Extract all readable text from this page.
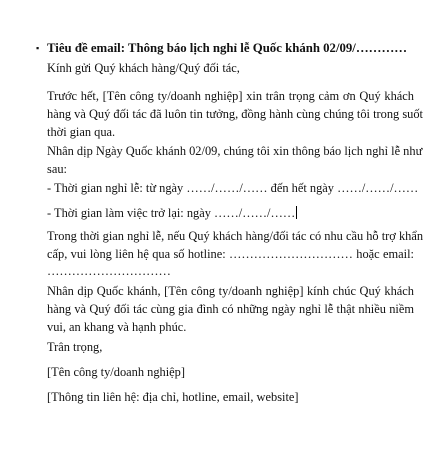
▪ Tiêu đề email: Thông báo lịch nghỉ lễ Quốc khánh 02/09/…………
Kính gửi Quý khách hàng/Quý đối tác,
Trước hết, [Tên công ty/doanh nghiệp] xin trân trọng cảm ơn Quý khách
hàng và Quý đối tác đã luôn tin tưởng, đồng hành cùng chúng tôi trong suốt
thời gian qua.
Nhân dịp Ngày Quốc khánh 02/09, chúng tôi xin thông báo lịch nghỉ lễ như
sau:
- Thời gian nghỉ lễ: từ ngày ……/……/…… đến hết ngày ……/……/……
- Thời gian làm việc trở lại: ngày ……/……/……
Trong thời gian nghỉ lễ, nếu Quý khách hàng/đối tác có nhu cầu hỗ trợ khẩn
cấp, vui lòng liên hệ qua số hotline: ………………………… hoặc email:
…………………………
Nhân dịp Quốc khánh, [Tên công ty/doanh nghiệp] kính chúc Quý khách
hàng và Quý đối tác cùng gia đình có những ngày nghỉ lễ thật nhiều niềm
vui, an khang và hạnh phúc.
Trân trọng,
[Tên công ty/doanh nghiệp]
[Thông tin liên hệ: địa chỉ, hotline, email, website]
